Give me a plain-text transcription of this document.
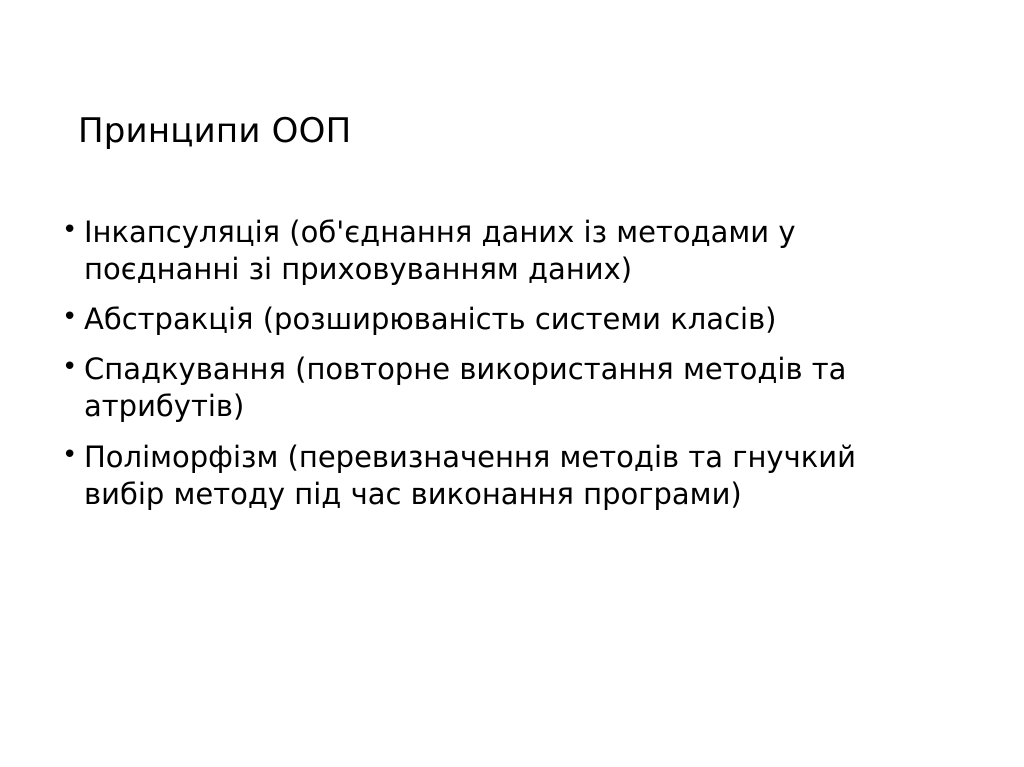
Принципи ООП
• Інкапсуляція (об'єднання даних із методами у поєднанні зі приховуванням даних)
• Абстракція (розширюваність системи класів)
• Спадкування (повторне використання методів та атрибутів)
• Поліморфізм (перевизначення методів та гнучкий вибір методу під час виконання програми)
